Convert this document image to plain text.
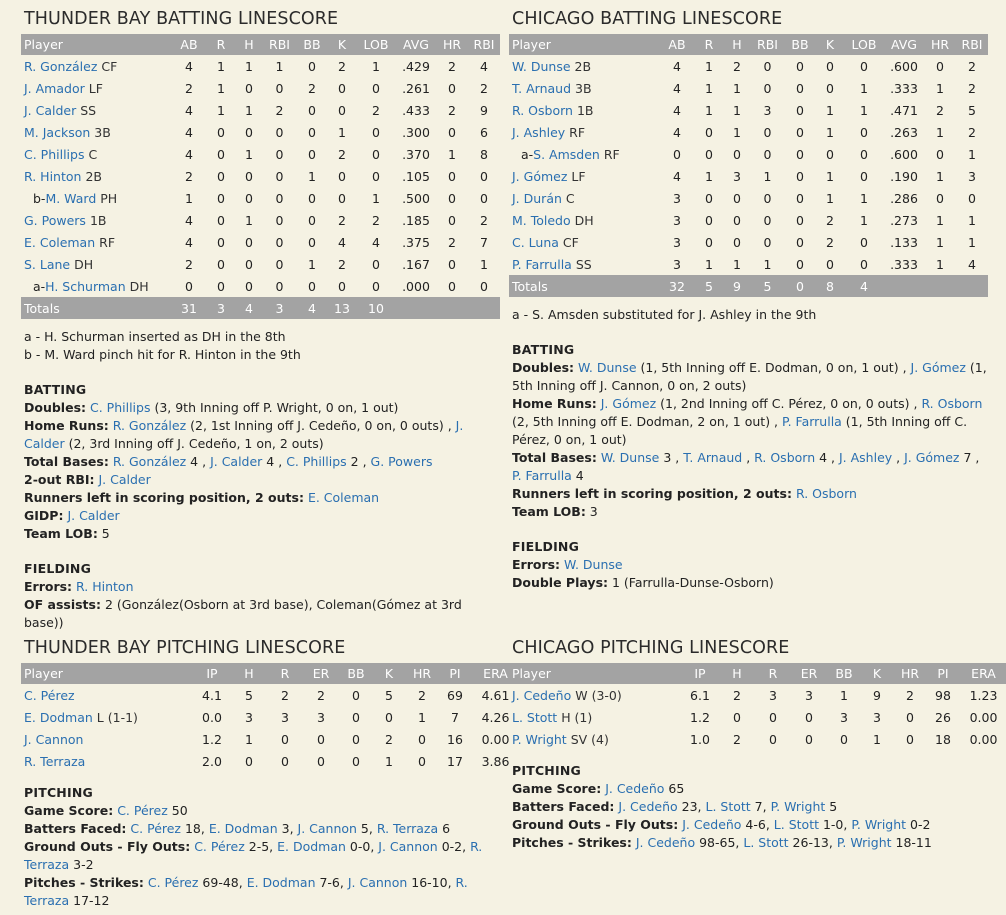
THUNDER BAY BATTING LINESCORE
Player	AB	R	H	RBI	BB	K	LOB	AVG	HR	RBI
R. González CF	4	1	1	1	0	2	1	.429	2	4
J. Amador LF	2	1	0	0	2	0	0	.261	0	2
J. Calder SS	4	1	1	2	0	0	2	.433	2	9
M. Jackson 3B	4	0	0	0	0	1	0	.300	0	6
C. Phillips C	4	0	1	0	0	2	0	.370	1	8
R. Hinton 2B	2	0	0	0	1	0	0	.105	0	0
b-M. Ward PH	1	0	0	0	0	0	1	.500	0	0
G. Powers 1B	4	0	1	0	0	2	2	.185	0	2
E. Coleman RF	4	0	0	0	0	4	4	.375	2	7
S. Lane DH	2	0	0	0	1	2	0	.167	0	1
a-H. Schurman DH	0	0	0	0	0	0	0	.000	0	0
Totals	31	3	4	3	4	13	10			
a - H. Schurman inserted as DH in the 8th
b - M. Ward pinch hit for R. Hinton in the 9th
BATTING
Doubles: C. Phillips (3, 9th Inning off P. Wright, 0 on, 1 out)
Home Runs: R. González (2, 1st Inning off J. Cedeño, 0 on, 0 outs) , J. Calder (2, 3rd Inning off J. Cedeño, 1 on, 2 outs)
Total Bases: R. González 4 , J. Calder 4 , C. Phillips 2 , G. Powers
2-out RBI: J. Calder
Runners left in scoring position, 2 outs: E. Coleman
GIDP: J. Calder
Team LOB: 5
FIELDING
Errors: R. Hinton
OF assists: 2 (González(Osborn at 3rd base), Coleman(Gómez at 3rd base))
CHICAGO BATTING LINESCORE
Player	AB	R	H	RBI	BB	K	LOB	AVG	HR	RBI
W. Dunse 2B	4	1	2	0	0	0	0	.600	0	2
T. Arnaud 3B	4	1	1	0	0	0	1	.333	1	2
R. Osborn 1B	4	1	1	3	0	1	1	.471	2	5
J. Ashley RF	4	0	1	0	0	1	0	.263	1	2
a-S. Amsden RF	0	0	0	0	0	0	0	.600	0	1
J. Gómez LF	4	1	3	1	0	1	0	.190	1	3
J. Durán C	3	0	0	0	0	1	1	.286	0	0
M. Toledo DH	3	0	0	0	0	2	1	.273	1	1
C. Luna CF	3	0	0	0	0	2	0	.133	1	1
P. Farrulla SS	3	1	1	1	0	0	0	.333	1	4
Totals	32	5	9	5	0	8	4			
a - S. Amsden substituted for J. Ashley in the 9th
BATTING
Doubles: W. Dunse (1, 5th Inning off E. Dodman, 0 on, 1 out) , J. Gómez (1, 5th Inning off J. Cannon, 0 on, 2 outs)
Home Runs: J. Gómez (1, 2nd Inning off C. Pérez, 0 on, 0 outs) , R. Osborn (2, 5th Inning off E. Dodman, 2 on, 1 out) , P. Farrulla (1, 5th Inning off C. Pérez, 0 on, 1 out)
Total Bases: W. Dunse 3 , T. Arnaud , R. Osborn 4 , J. Ashley , J. Gómez 7 , P. Farrulla 4
Runners left in scoring position, 2 outs: R. Osborn
Team LOB: 3
FIELDING
Errors: W. Dunse
Double Plays: 1 (Farrulla-Dunse-Osborn)
THUNDER BAY PITCHING LINESCORE
Player	IP	H	R	ER	BB	K	HR	PI	ERA
C. Pérez	4.1	5	2	2	0	5	2	69	4.61
E. Dodman L (1-1)	0.0	3	3	3	0	0	1	7	4.26
J. Cannon	1.2	1	0	0	0	2	0	16	0.00
R. Terraza	2.0	0	0	0	0	1	0	17	3.86
PITCHING
Game Score: C. Pérez 50
Batters Faced: C. Pérez 18, E. Dodman 3, J. Cannon 5, R. Terraza 6
Ground Outs - Fly Outs: C. Pérez 2-5, E. Dodman 0-0, J. Cannon 0-2, R. Terraza 3-2
Pitches - Strikes: C. Pérez 69-48, E. Dodman 7-6, J. Cannon 16-10, R. Terraza 17-12
CHICAGO PITCHING LINESCORE
Player	IP	H	R	ER	BB	K	HR	PI	ERA
J. Cedeño W (3-0)	6.1	2	3	3	1	9	2	98	1.23
L. Stott H (1)	1.2	0	0	0	3	3	0	26	0.00
P. Wright SV (4)	1.0	2	0	0	0	1	0	18	0.00
PITCHING
Game Score: J. Cedeño 65
Batters Faced: J. Cedeño 23, L. Stott 7, P. Wright 5
Ground Outs - Fly Outs: J. Cedeño 4-6, L. Stott 1-0, P. Wright 0-2
Pitches - Strikes: J. Cedeño 98-65, L. Stott 26-13, P. Wright 18-11
